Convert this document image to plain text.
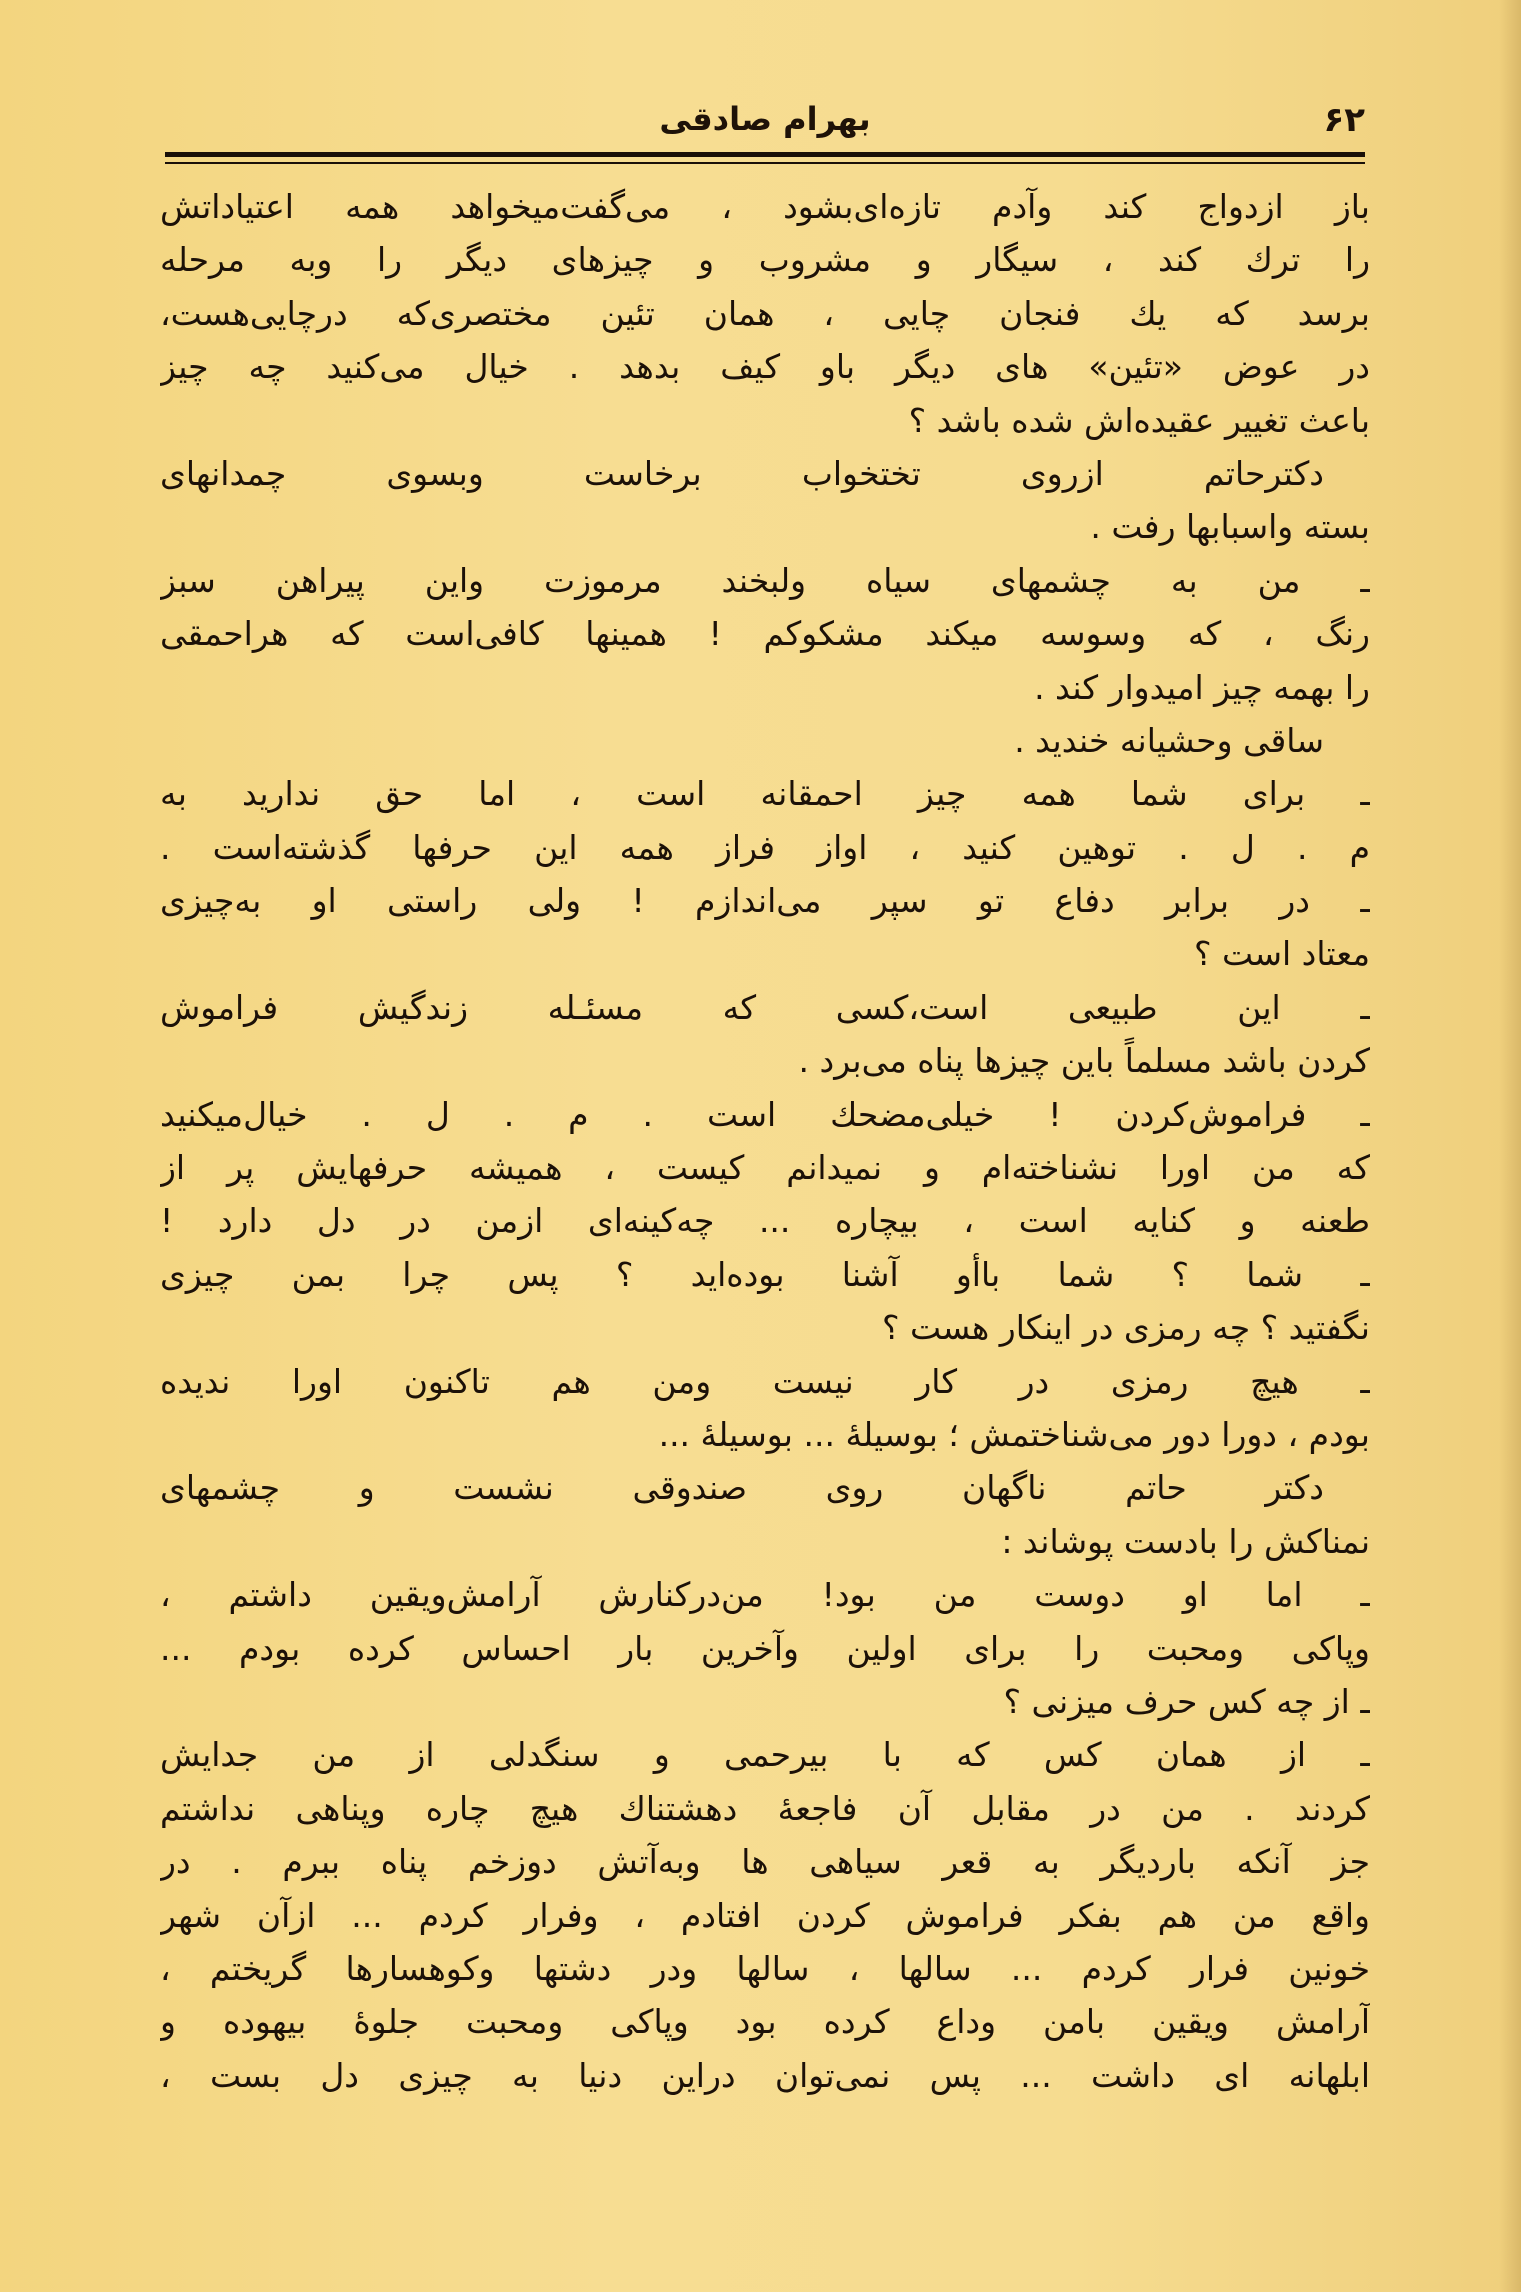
بهرام صادقی	۶۲
باز ازدواج کند وآدم تازه‌ای‌بشود ، می‌گفت‌میخواهد همه اعتیاداتش
را ترك کند ، سیگار و مشروب و چیزهای دیگر را وبه مرحله
برسد که یك فنجان چایی ، همان تئین مختصری‌که درچایی‌هست،
در عوض «تئین» های دیگر باو کیف بدهد . خیال می‌کنید چه چیز
باعث تغییر عقیده‌اش شده باشد ؟
دکترحاتم ازروی تختخواب برخاست وبسوی چمدانهای
بسته واسبابها رفت .
ـ من به چشمهای سیاه ولبخند مرموزت واین پیراهن سبز
رنگ ، که وسوسه میکند مشکوکم ! همینها کافی‌است که هراحمقی
را بهمه چیز امیدوار کند .
ساقی وحشیانه خندید .
ـ برای شما همه چیز احمقانه است ، اما حق ندارید به
م . ل . توهین کنید ، اواز فراز همه این حرفها گذشته‌است .
ـ در برابر دفاع تو سپر می‌اندازم ! ولی راستی او به‌چیزی
معتاد است ؟
ـ این طبیعی است،کسی که مسئـله زندگیش فراموش
کردن باشد مسلماً باین چیزها پناه می‌برد .
ـ فراموش‌کردن ! خیلی‌مضحك است . م . ل . خیال‌میکنید
که من اورا نشناخته‌ام و نمیدانم کیست ، همیشه حرفهایش پر از
طعنه و کنایه است ، بیچاره ... چه‌کینه‌ای ازمن در دل دارد !
ـ شما ؟ شما باأو آشنا بوده‌اید ؟ پس چرا بمن چیزی
نگفتید ؟ چه رمزی در اینکار هست ؟
ـ هیچ رمزی در کار نیست ومن هم تاکنون اورا ندیده
بودم ، دورا دور می‌شناختمش ؛ بوسیلهٔ ... بوسیلهٔ ...
دکتر حاتم ناگهان روی صندوقی نشست و چشمهای
نمناکش را بادست پوشاند :
ـ اما او دوست من بود! من‌درکنارش آرامش‌ویقین داشتم ،
وپاکی ومحبت را برای اولین وآخرین بار احساس کرده بودم ...
ـ از چه کس حرف میزنی ؟
ـ از همان کس که با بیرحمی و سنگدلی از من جدایش
کردند . من در مقابل آن فاجعهٔ دهشتناك هیچ چاره وپناهی نداشتم
جز آنکه باردیگر به قعر سیاهی ها وبه‌آتش دوزخم پناه ببرم . در
واقع من هم بفکر فراموش کردن افتادم ، وفرار کردم ... ازآن شهر
خونین فرار کردم ... سالها ، سالها ودر دشتها وکوهسارها گریختم ،
آرامش ویقین بامن وداع کرده بود وپاکی ومحبت جلوهٔ بیهوده و
ابلهانه ای داشت ... پس نمی‌توان دراین دنیا به چیزی دل بست ،
